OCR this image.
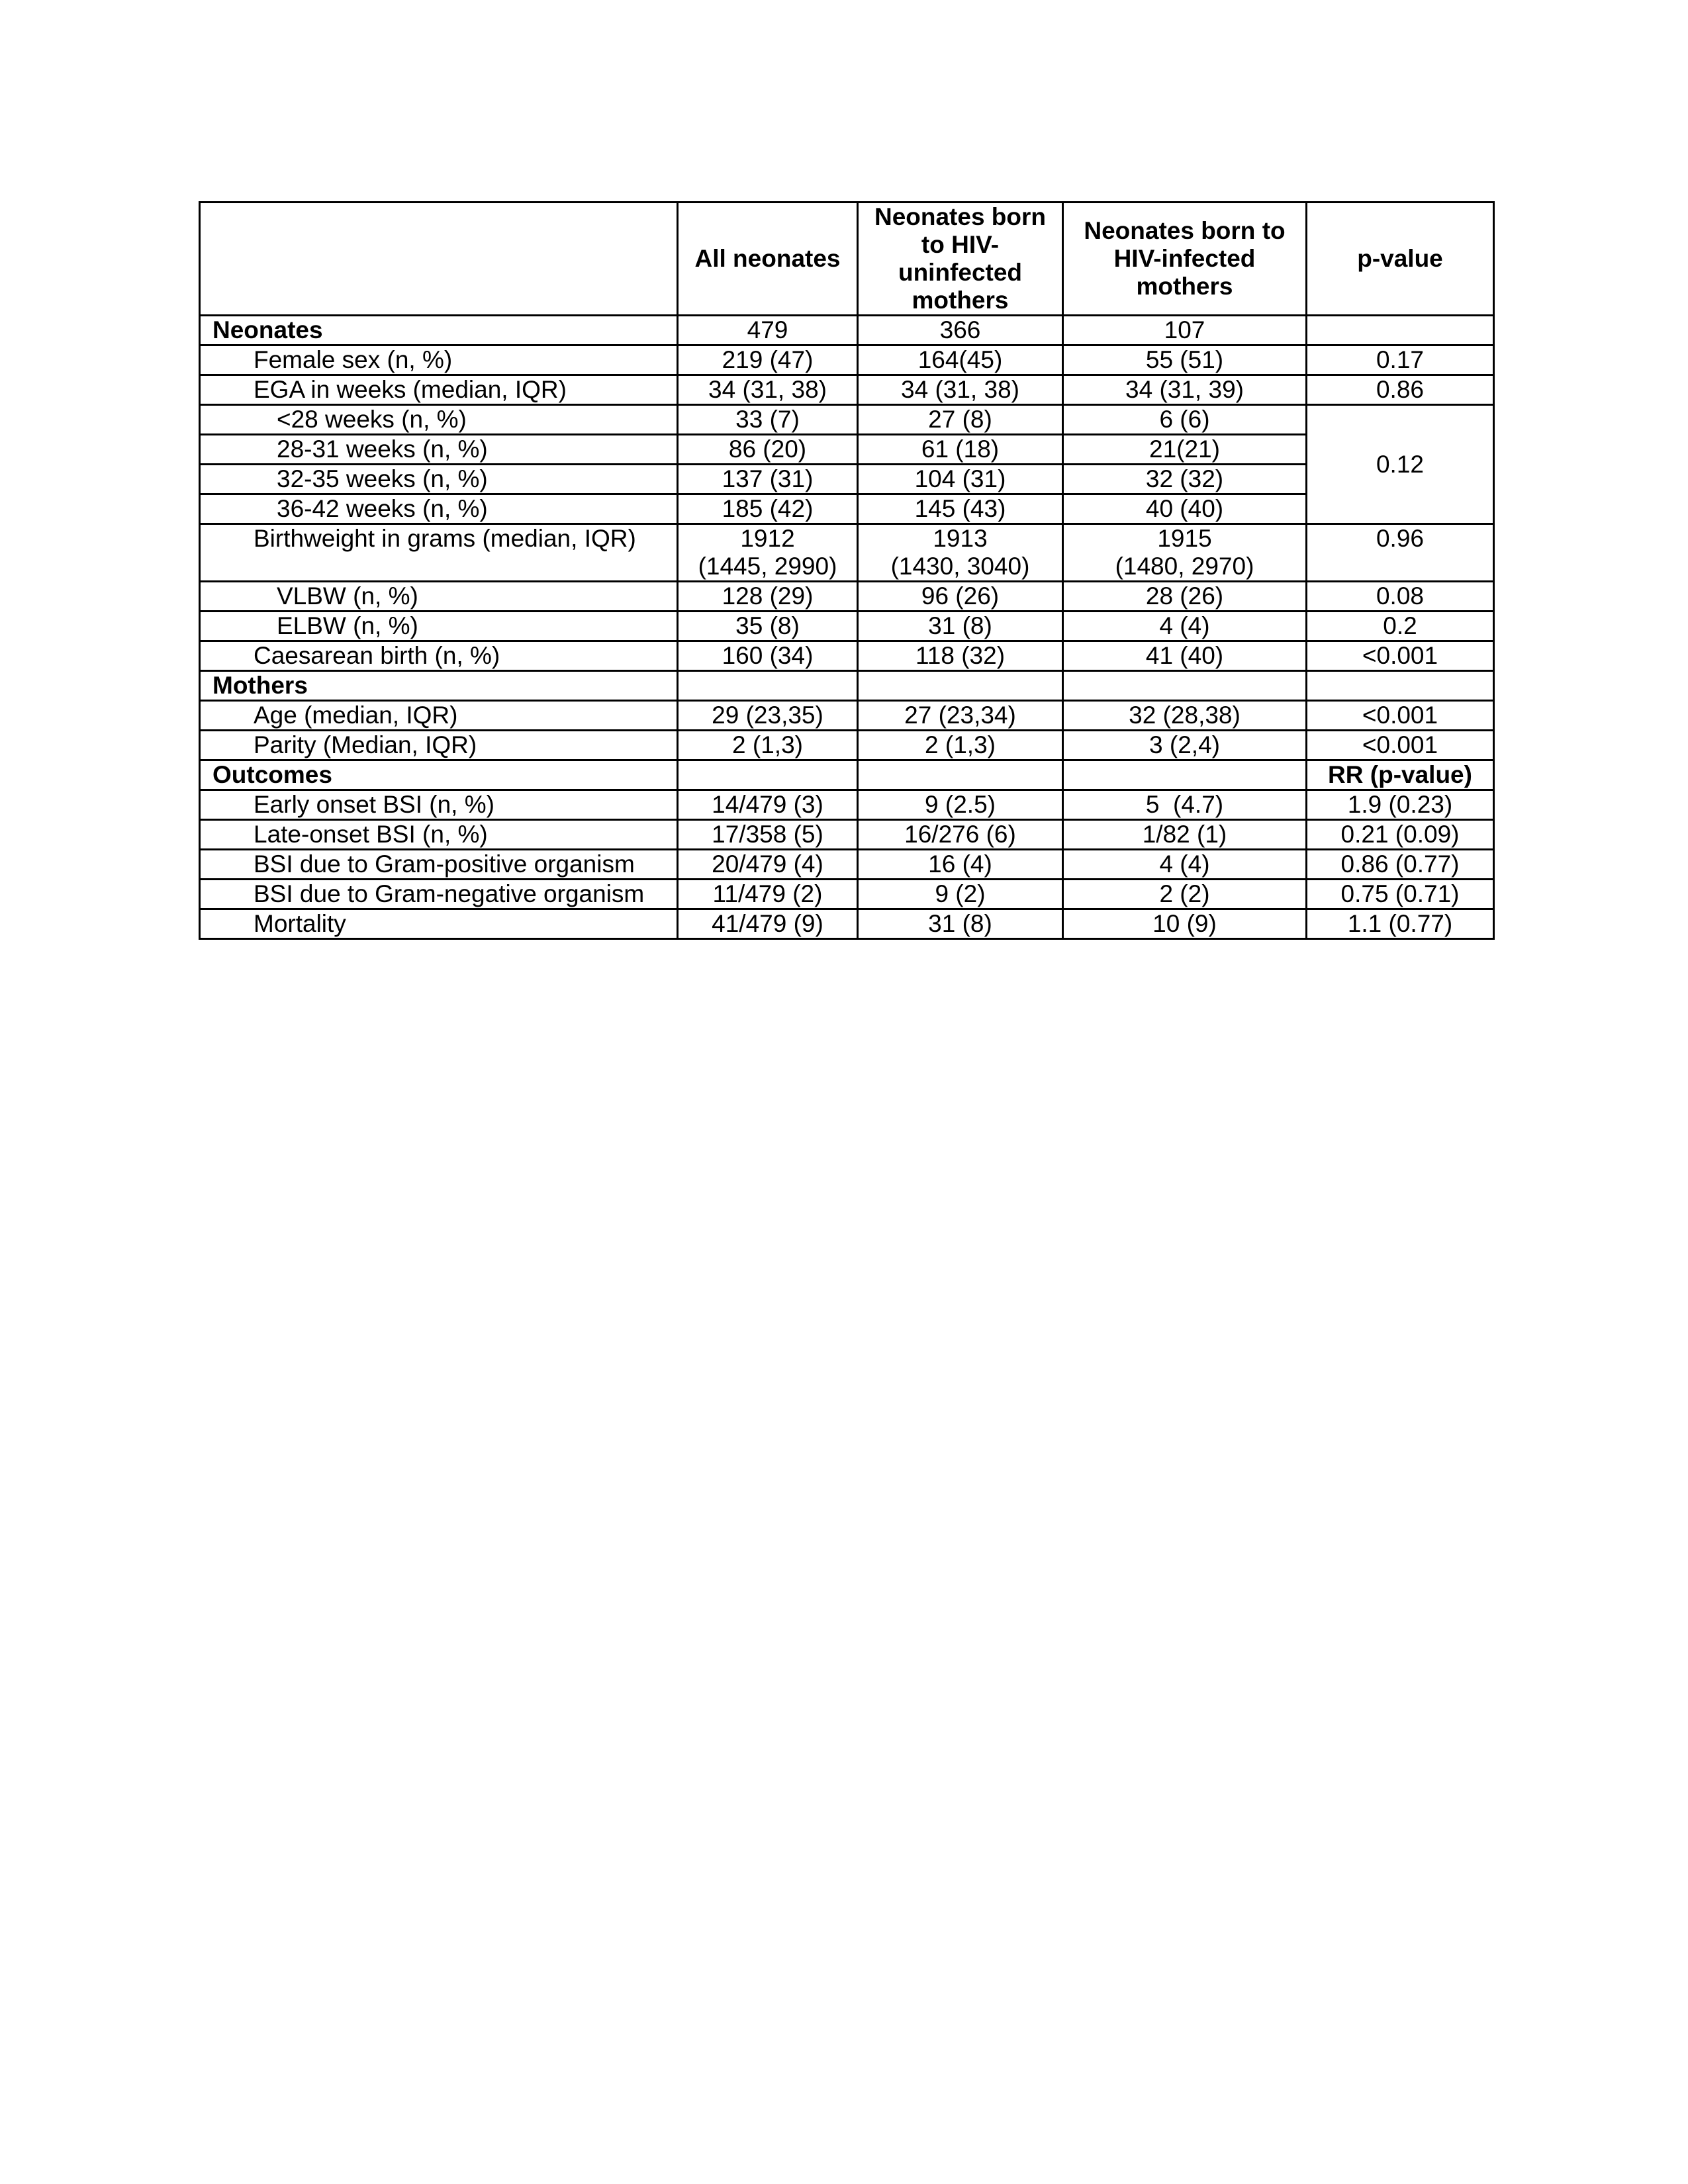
	All neonates	Neonates born
to HIV-
uninfected
mothers	Neonates born to
HIV-infected
mothers	p-value
Neonates	479	366	107	
Female sex (n, %)	219 (47)	164(45)	55 (51)	0.17
EGA in weeks (median, IQR)	34 (31, 38)	34 (31, 38)	34 (31, 39)	0.86
<28 weeks (n, %)	33 (7)	27 (8)	6 (6)	0.12
28-31 weeks (n, %)	86 (20)	61 (18)	21(21)	
32-35 weeks (n, %)	137 (31)	104 (31)	32 (32)	
36-42 weeks (n, %)	185 (42)	145 (43)	40 (40)	
Birthweight in grams (median, IQR)	1912
(1445, 2990)	1913
(1430, 3040)	1915
(1480, 2970)	0.96
VLBW (n, %)	128 (29)	96 (26)	28 (26)	0.08
ELBW (n, %)	35 (8)	31 (8)	4 (4)	0.2
Caesarean birth (n, %)	160 (34)	118 (32)	41 (40)	<0.001
Mothers				
Age (median, IQR)	29 (23,35)	27 (23,34)	32 (28,38)	<0.001
Parity (Median, IQR)	2 (1,3)	2 (1,3)	3 (2,4)	<0.001
Outcomes				RR (p-value)
Early onset BSI (n, %)	14/479 (3)	9 (2.5)	5  (4.7)	1.9 (0.23)
Late-onset BSI (n, %)	17/358 (5)	16/276 (6)	1/82 (1)	0.21 (0.09)
BSI due to Gram-positive organism	20/479 (4)	16 (4)	4 (4)	0.86 (0.77)
BSI due to Gram-negative organism	11/479 (2)	9 (2)	2 (2)	0.75 (0.71)
Mortality	41/479 (9)	31 (8)	10 (9)	1.1 (0.77)
